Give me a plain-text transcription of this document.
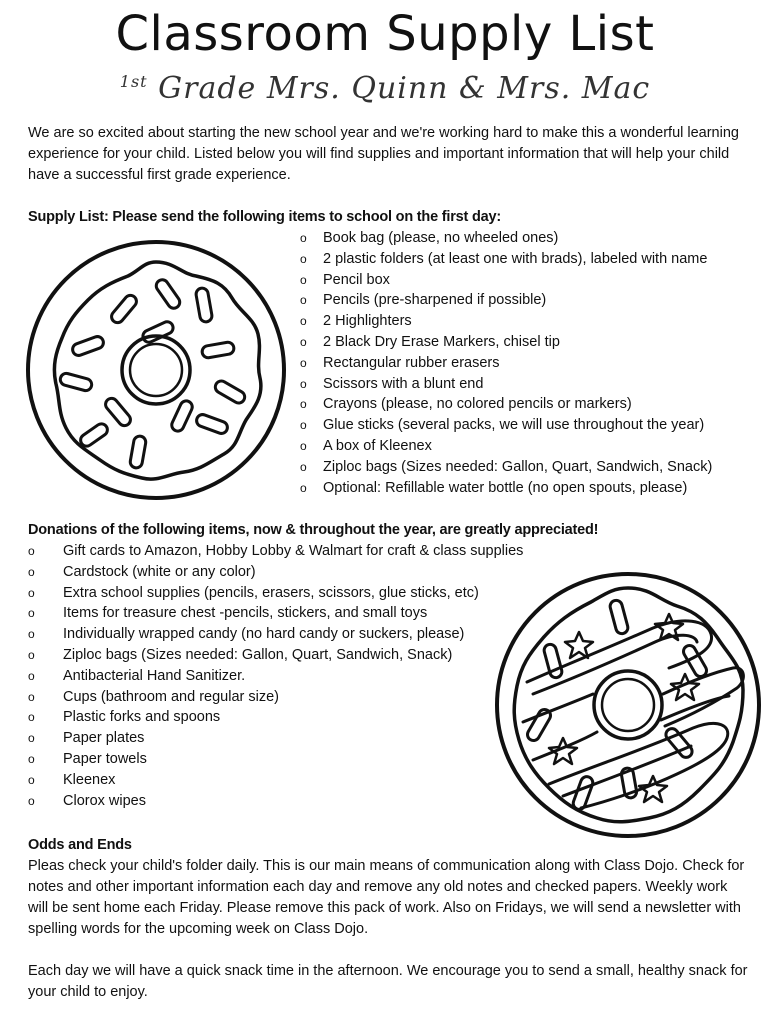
Classroom Supply List
$^{1st}$ Grade Mrs. Quinn & Mrs. Mac
We are so excited about starting the new school year and we're working hard to make this a wonderful learning experience for your child. Listed below you will find supplies and important information that will help your child have a successful first grade experience.
Supply List: Please send the following items to school on the first day:
o Book bag (please, no wheeled ones)
o 2 plastic folders (at least one with brads), labeled with name
o Pencil box
o Pencils (pre-sharpened if possible)
o 2 Highlighters
o 2 Black Dry Erase Markers, chisel tip
o Rectangular rubber erasers
o Scissors with a blunt end
o Crayons (please, no colored pencils or markers)
o Glue sticks (several packs, we will use throughout the year)
o A box of Kleenex
o Ziploc bags (Sizes needed: Gallon, Quart, Sandwich, Snack)
o Optional: Refillable water bottle (no open spouts, please)
Donations of the following items, now & throughout the year, are greatly appreciated!
o Gift cards to Amazon, Hobby Lobby & Walmart for craft & class supplies
o Cardstock (white or any color)
o Extra school supplies (pencils, erasers, scissors, glue sticks, etc)
o Items for treasure chest -pencils, stickers, and small toys
o Individually wrapped candy (no hard candy or suckers, please)
o Ziploc bags (Sizes needed: Gallon, Quart, Sandwich, Snack)
o Antibacterial Hand Sanitizer.
o Cups (bathroom and regular size)
o Plastic forks and spoons
o Paper plates
o Paper towels
o Kleenex
o Clorox wipes
Odds and Ends
Pleas check your child's folder daily. This is our main means of communication along with Class Dojo. Check for notes and other important information each day and remove any old notes and checked papers. Weekly work will be sent home each Friday. Please remove this pack of work. Also on Fridays, we will send a newsletter with spelling words for the upcoming week on Class Dojo.
Each day we will have a quick snack time in the afternoon. We encourage you to send a small, healthy snack for your child to enjoy.
